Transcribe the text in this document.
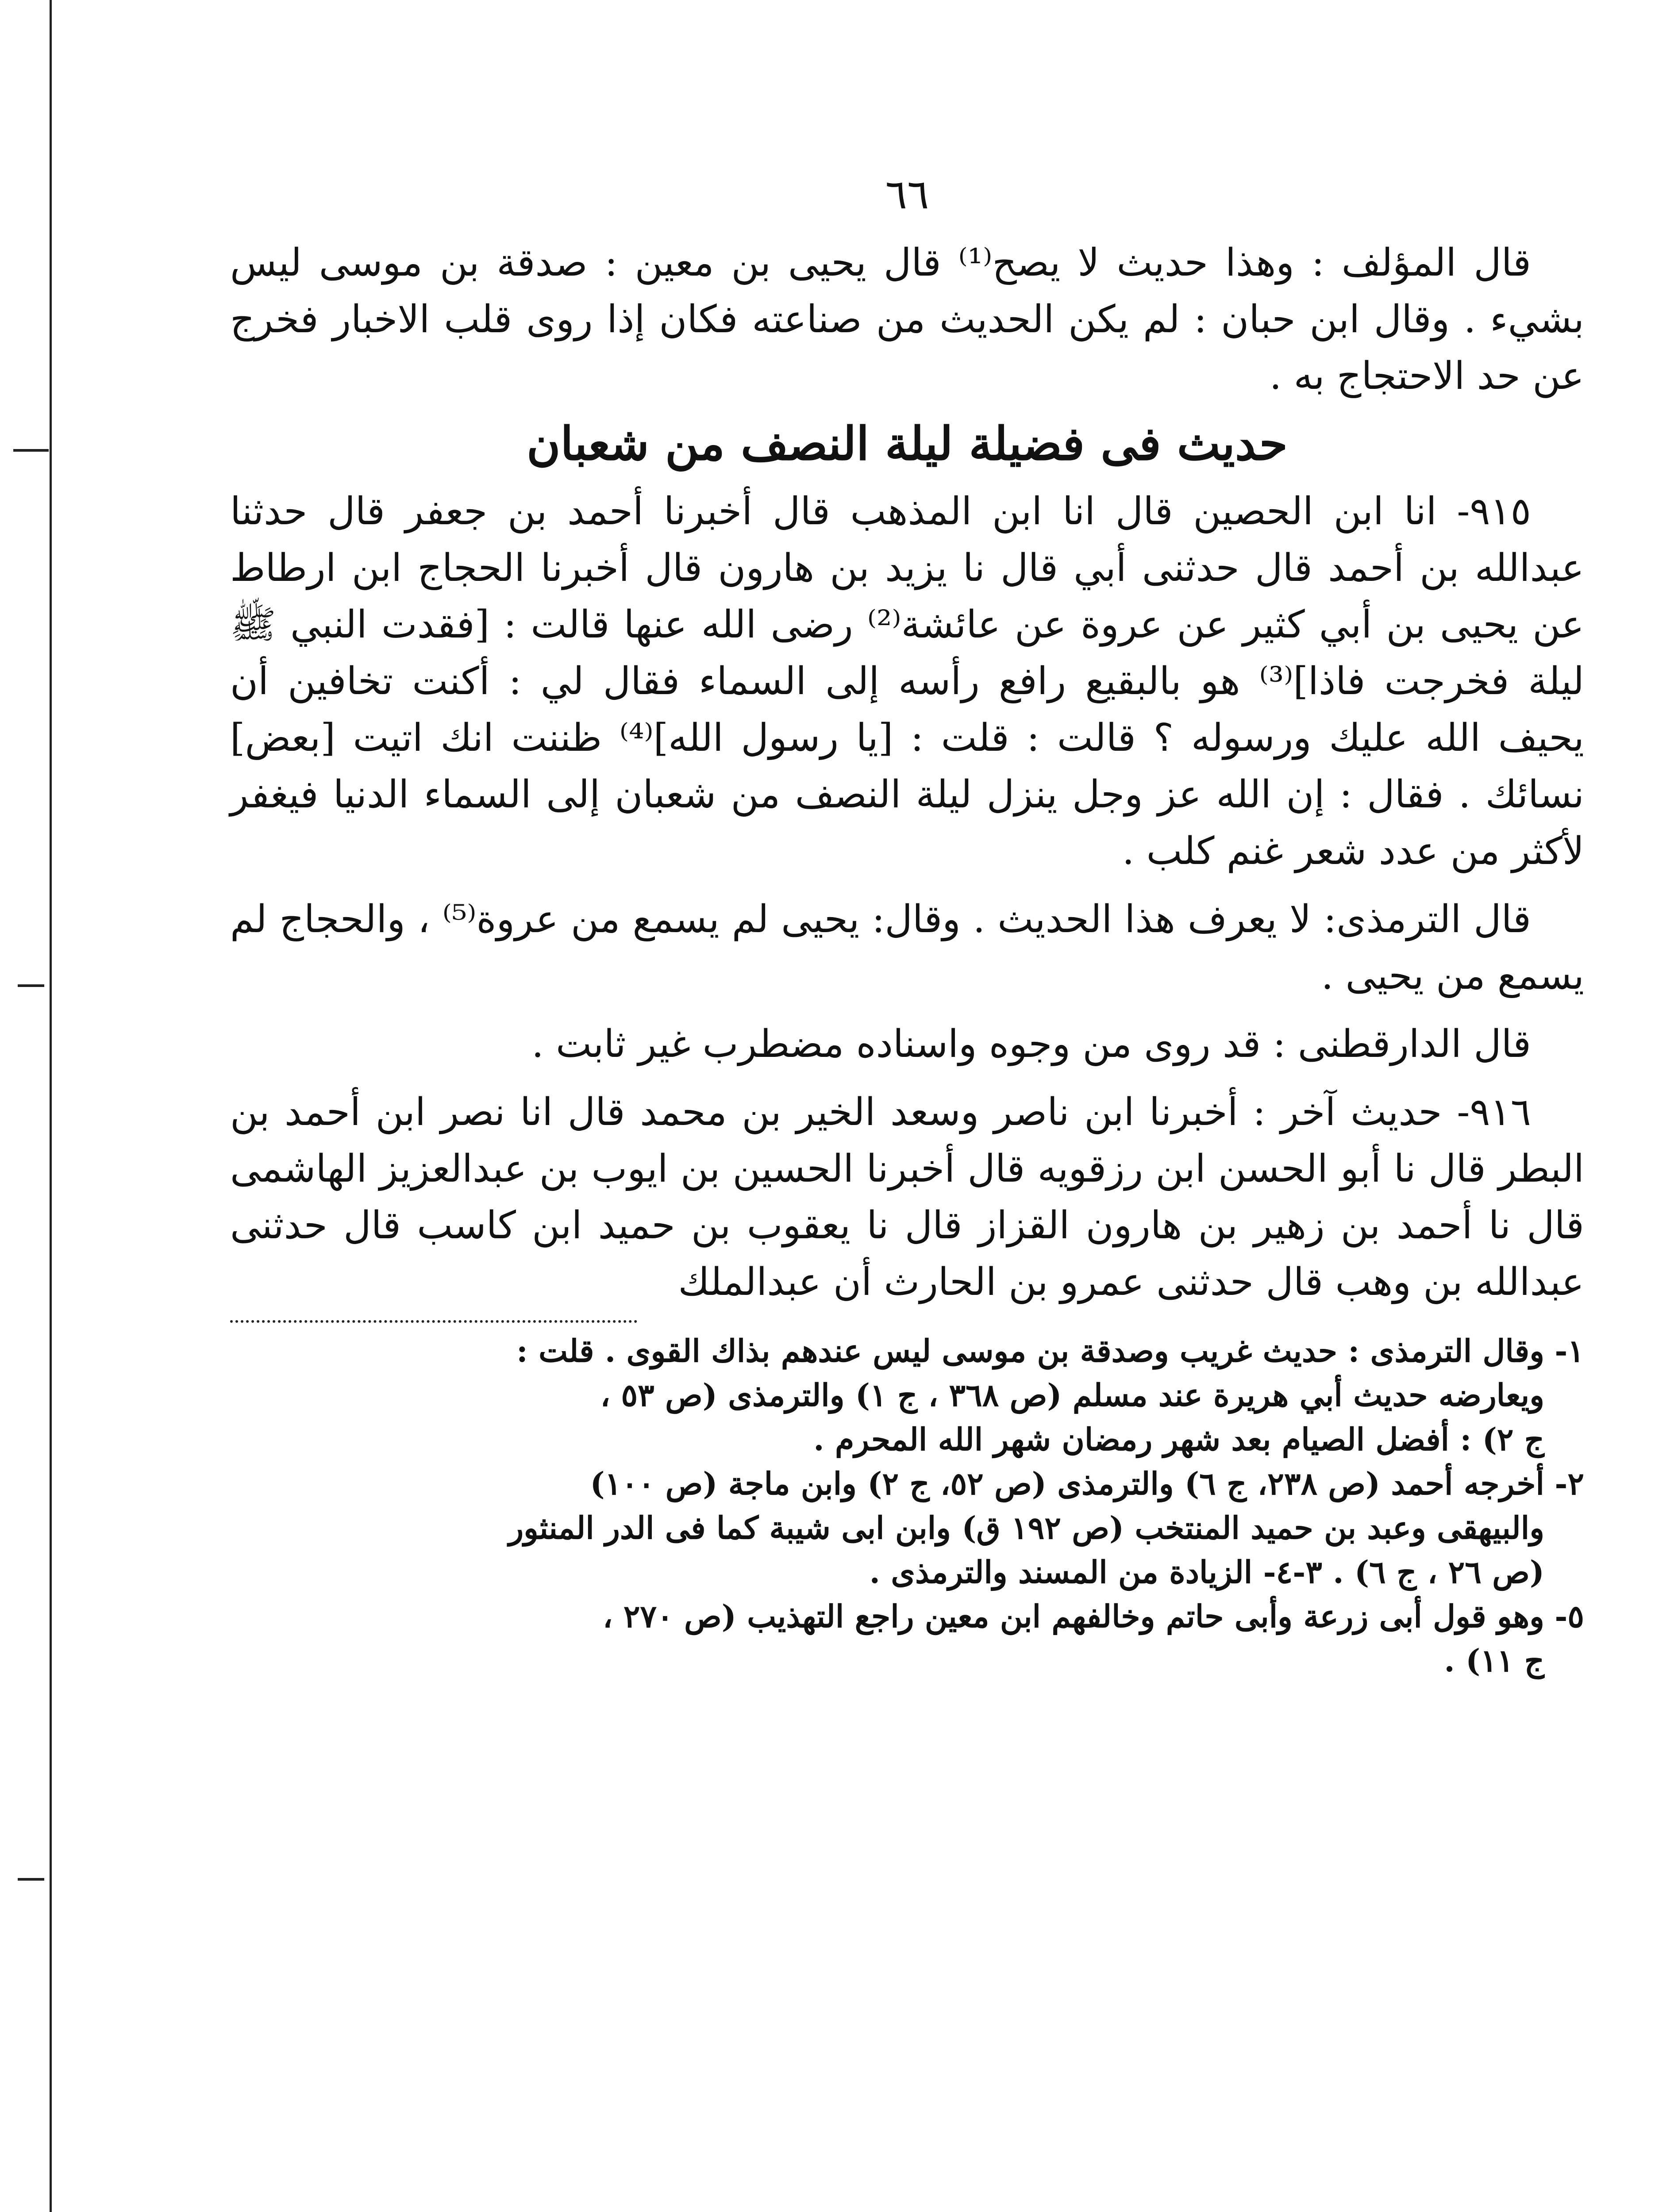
٦٦

قال المؤلف : وهذا حديث لا يصح⁽¹⁾ قال يحيى بن معين : صدقة بن موسى ليس بشيء . وقال ابن حبان : لم يكن الحديث من صناعته فكان إذا روى قلب الاخبار فخرج عن حد الاحتجاج به .

حديث فى فضيلة ليلة النصف من شعبان

٩١٥- انا ابن الحصين قال انا ابن المذهب قال أخبرنا أحمد بن جعفر قال حدثنا عبدالله بن أحمد قال حدثنى أبي قال نا يزيد بن هارون قال أخبرنا الحجاج ابن ارطاط عن يحيى بن أبي كثير عن عروة عن عائشة⁽²⁾ رضى الله عنها قالت : [فقدت النبي ﷺ ليلة فخرجت فاذا]⁽³⁾ هو بالبقيع رافع رأسه إلى السماء فقال لي : أكنت تخافين أن يحيف الله عليك ورسوله ؟ قالت : قلت : [يا رسول الله]⁽⁴⁾ ظننت انك اتيت [بعض] نسائك . فقال : إن الله عز وجل ينزل ليلة النصف من شعبان إلى السماء الدنيا فيغفر لأكثر من عدد شعر غنم كلب .

قال الترمذى: لا يعرف هذا الحديث . وقال: يحيى لم يسمع من عروة⁽⁵⁾ ، والحجاج لم يسمع من يحيى .

قال الدارقطنى : قد روى من وجوه واسناده مضطرب غير ثابت .

٩١٦- حديث آخر : أخبرنا ابن ناصر وسعد الخير بن محمد قال انا نصر ابن أحمد بن البطر قال نا أبو الحسن ابن رزقويه قال أخبرنا الحسين بن ايوب بن عبدالعزيز الهاشمى قال نا أحمد بن زهير بن هارون القزاز قال نا يعقوب بن حميد ابن كاسب قال حدثنى عبدالله بن وهب قال حدثنى عمرو بن الحارث أن عبدالملك

١-
وقال الترمذى : حديث غريب وصدقة بن موسى ليس عندهم بذاك القوى . قلت :
ويعارضه حديث أبي هريرة عند مسلم (ص ٣٦٨ ، ج ١) والترمذى (ص ٥٣ ،
ج ٢) : أفضل الصيام بعد شهر رمضان شهر الله المحرم .
٢-
أخرجه أحمد (ص ٢٣٨، ج ٦) والترمذى (ص ٥٢، ج ٢) وابن ماجة (ص ١٠٠)
والبيهقى وعبد بن حميد المنتخب (ص ١٩٢ ق) وابن ابى شيبة كما فى الدر المنثور
(ص ٢٦ ، ج ٦) . ٣-٤- الزيادة من المسند والترمذى .
٥-
وهو قول أبى زرعة وأبى حاتم وخالفهم ابن معين راجع التهذيب (ص ٢٧٠ ،
ج ١١) .
